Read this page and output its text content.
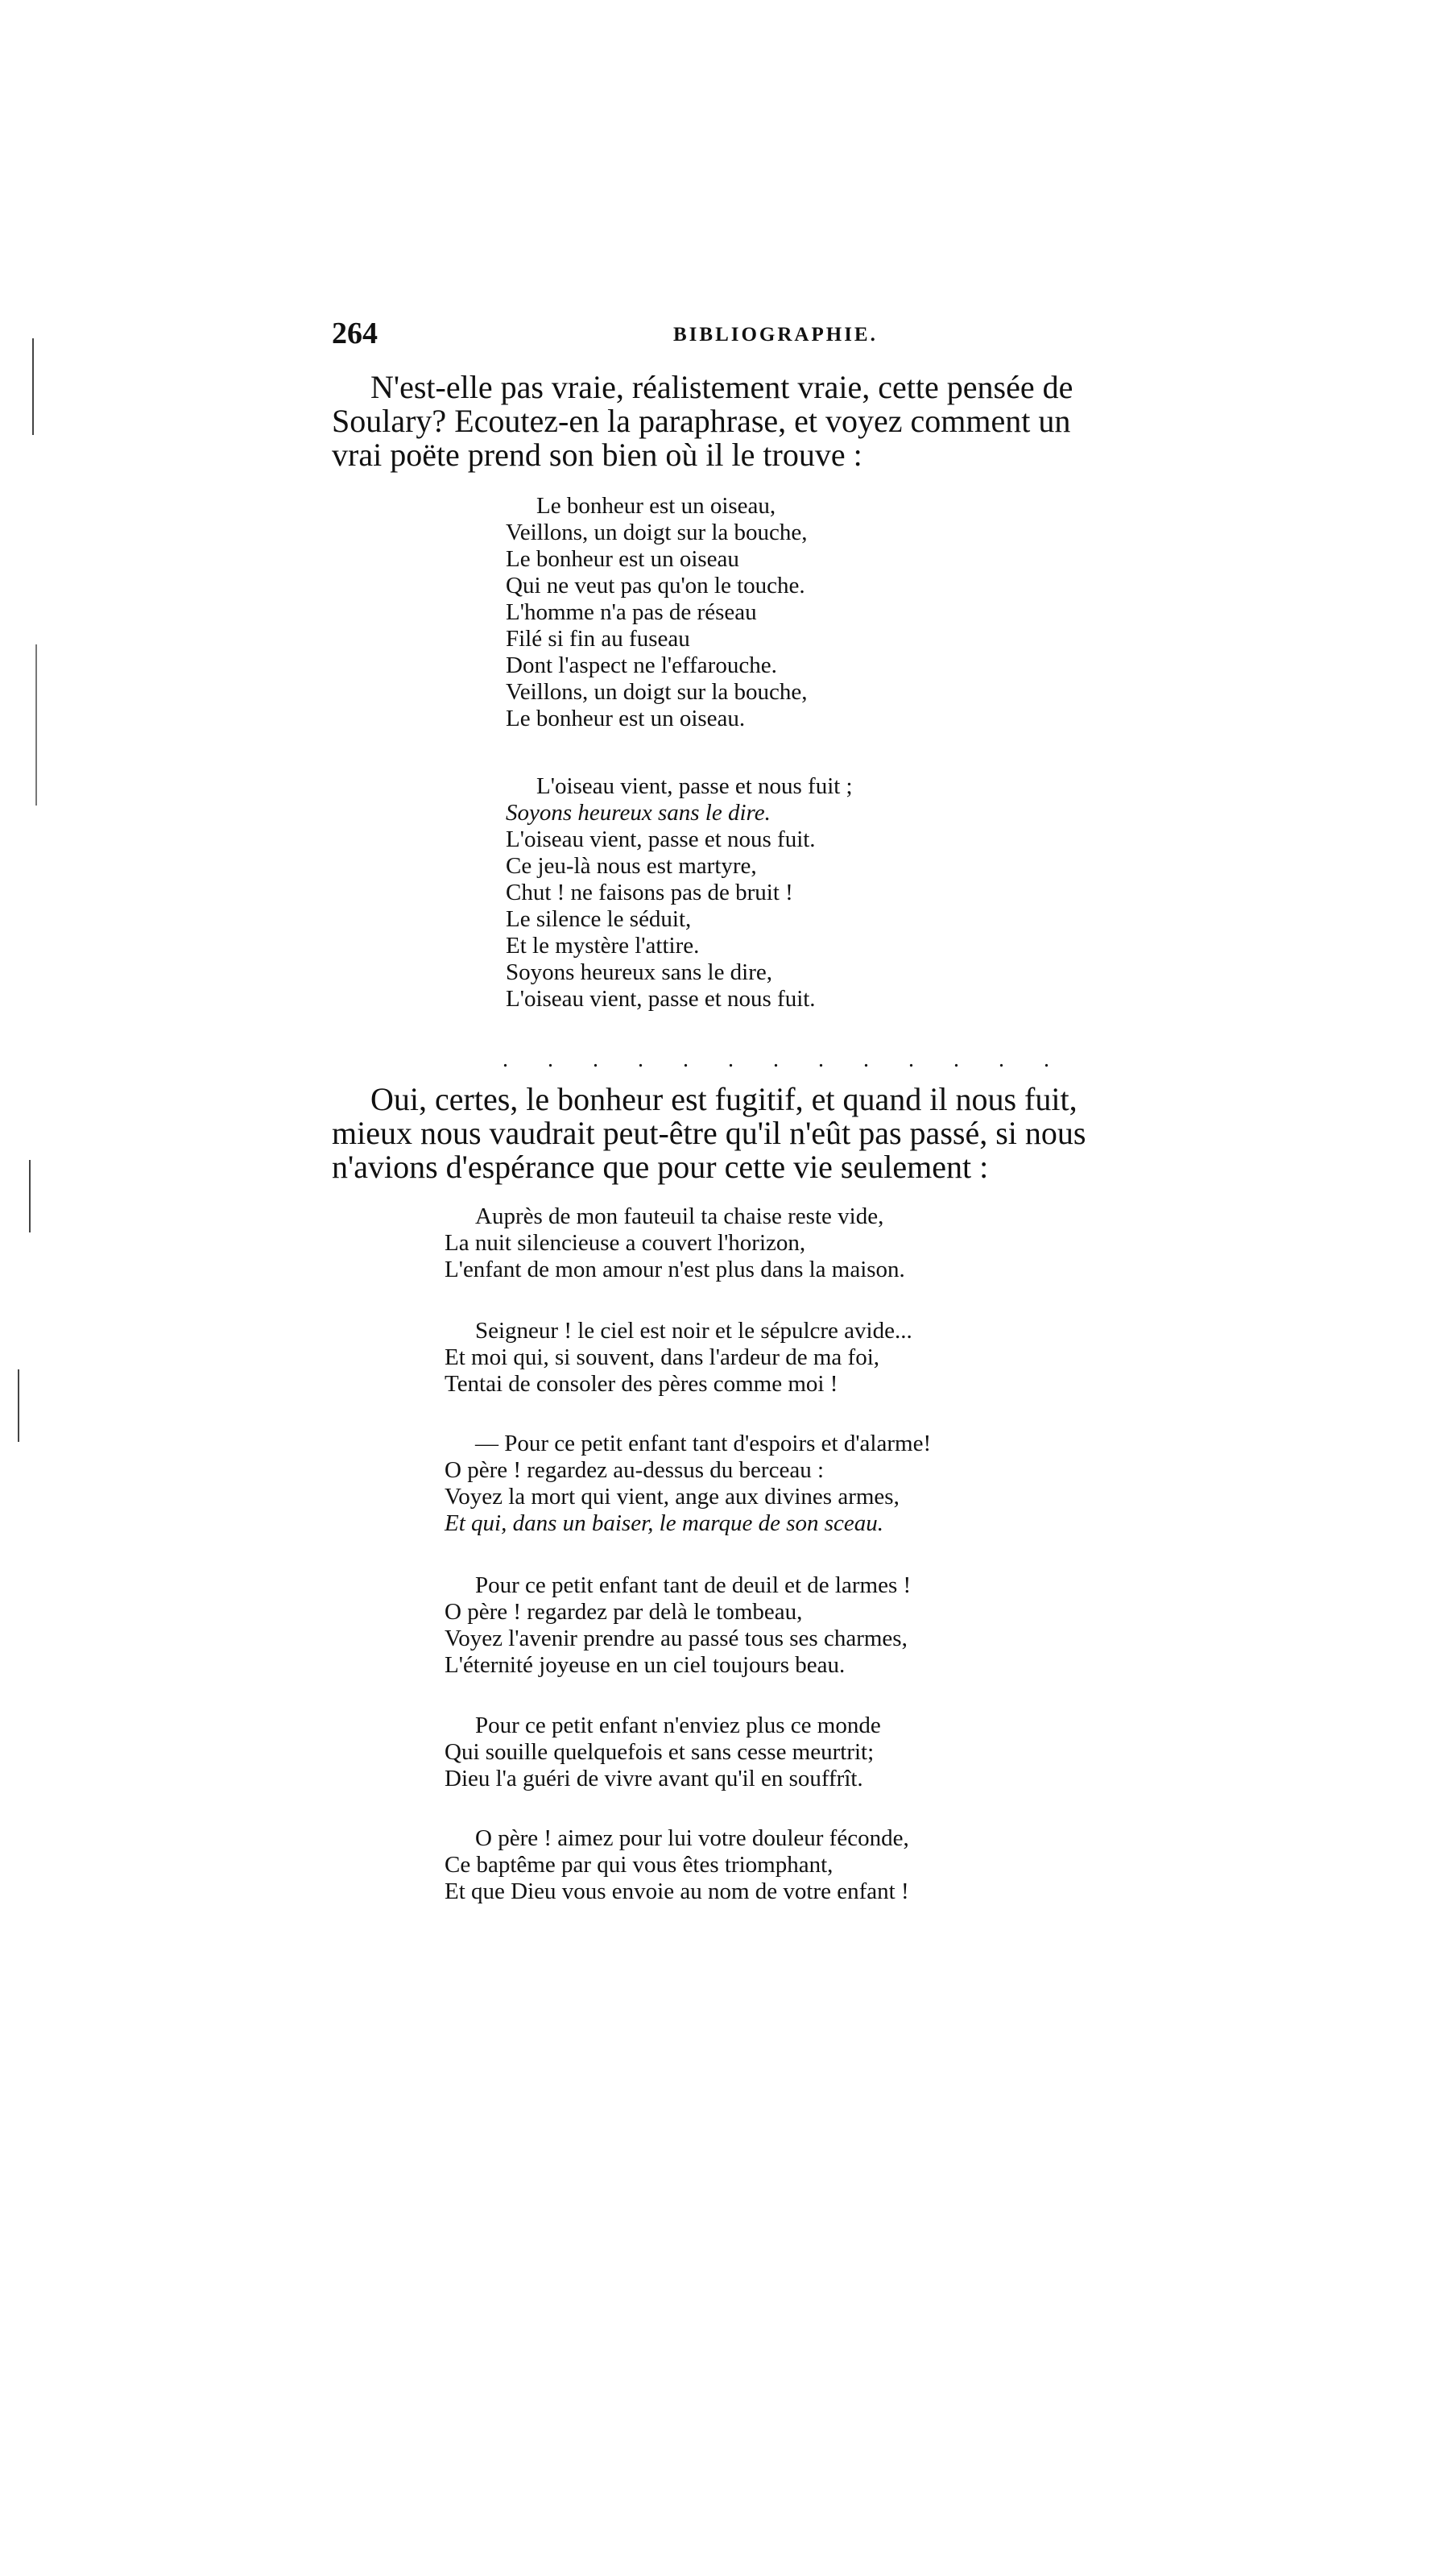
264	BIBLIOGRAPHIE.
N'est-elle pas vraie, réalistement vraie, cette pensée de
Soulary? Ecoutez-en la paraphrase, et voyez comment un
vrai poëte prend son bien où il le trouve :
Le bonheur est un oiseau,
Veillons, un doigt sur la bouche,
Le bonheur est un oiseau
Qui ne veut pas qu'on le touche.
L'homme n'a pas de réseau
Filé si fin au fuseau
Dont l'aspect ne l'effarouche.
Veillons, un doigt sur la bouche,
Le bonheur est un oiseau.
L'oiseau vient, passe et nous fuit ;
Soyons heureux sans le dire.
L'oiseau vient, passe et nous fuit.
Ce jeu-là nous est martyre,
Chut ! ne faisons pas de bruit !
Le silence le séduit,
Et le mystère l'attire.
Soyons heureux sans le dire,
L'oiseau vient, passe et nous fuit.
. . . . . . . . . . . . .
Oui, certes, le bonheur est fugitif, et quand il nous fuit,
mieux nous vaudrait peut-être qu'il n'eût pas passé, si nous
n'avions d'espérance que pour cette vie seulement :
Auprès de mon fauteuil ta chaise reste vide,
La nuit silencieuse a couvert l'horizon,
L'enfant de mon amour n'est plus dans la maison.
Seigneur ! le ciel est noir et le sépulcre avide...
Et moi qui, si souvent, dans l'ardeur de ma foi,
Tentai de consoler des pères comme moi !
— Pour ce petit enfant tant d'espoirs et d'alarme!
O père ! regardez au-dessus du berceau :
Voyez la mort qui vient, ange aux divines armes,
Et qui, dans un baiser, le marque de son sceau.
Pour ce petit enfant tant de deuil et de larmes !
O père ! regardez par delà le tombeau,
Voyez l'avenir prendre au passé tous ses charmes,
L'éternité joyeuse en un ciel toujours beau.
Pour ce petit enfant n'enviez plus ce monde
Qui souille quelquefois et sans cesse meurtrit;
Dieu l'a guéri de vivre avant qu'il en souffrît.
O père ! aimez pour lui votre douleur féconde,
Ce baptême par qui vous êtes triomphant,
Et que Dieu vous envoie au nom de votre enfant !
